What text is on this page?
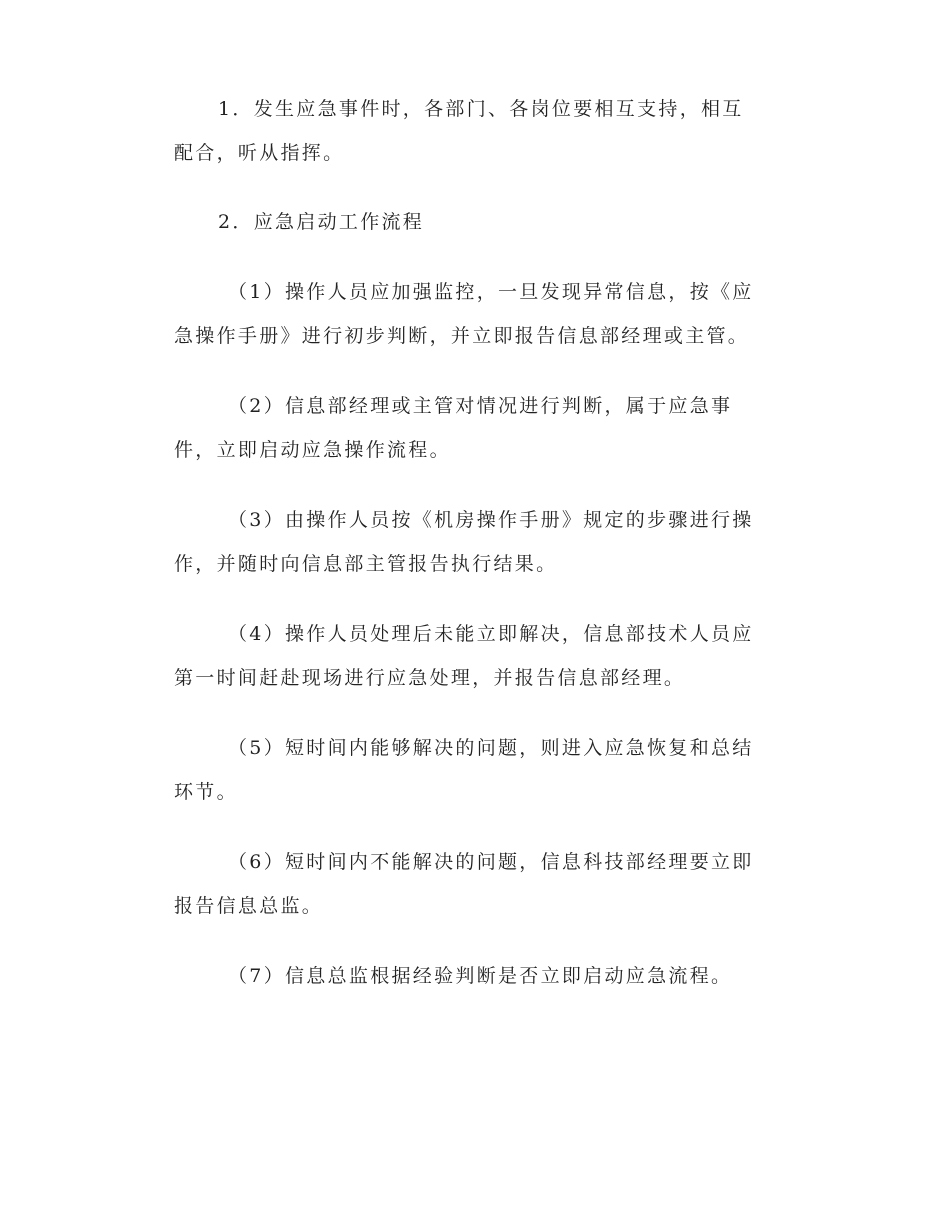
1．发生应急事件时，各部门、各岗位要相互支持，相互配合，听从指挥。

2．应急启动工作流程

（1）操作人员应加强监控，一旦发现异常信息，按《应急操作手册》进行初步判断，并立即报告信息部经理或主管。

（2）信息部经理或主管对情况进行判断，属于应急事件，立即启动应急操作流程。

（3）由操作人员按《机房操作手册》规定的步骤进行操作，并随时向信息部主管报告执行结果。

（4）操作人员处理后未能立即解决，信息部技术人员应第一时间赶赴现场进行应急处理，并报告信息部经理。

（5）短时间内能够解决的问题，则进入应急恢复和总结环节。

（6）短时间内不能解决的问题，信息科技部经理要立即报告信息总监。

（7）信息总监根据经验判断是否立即启动应急流程。
